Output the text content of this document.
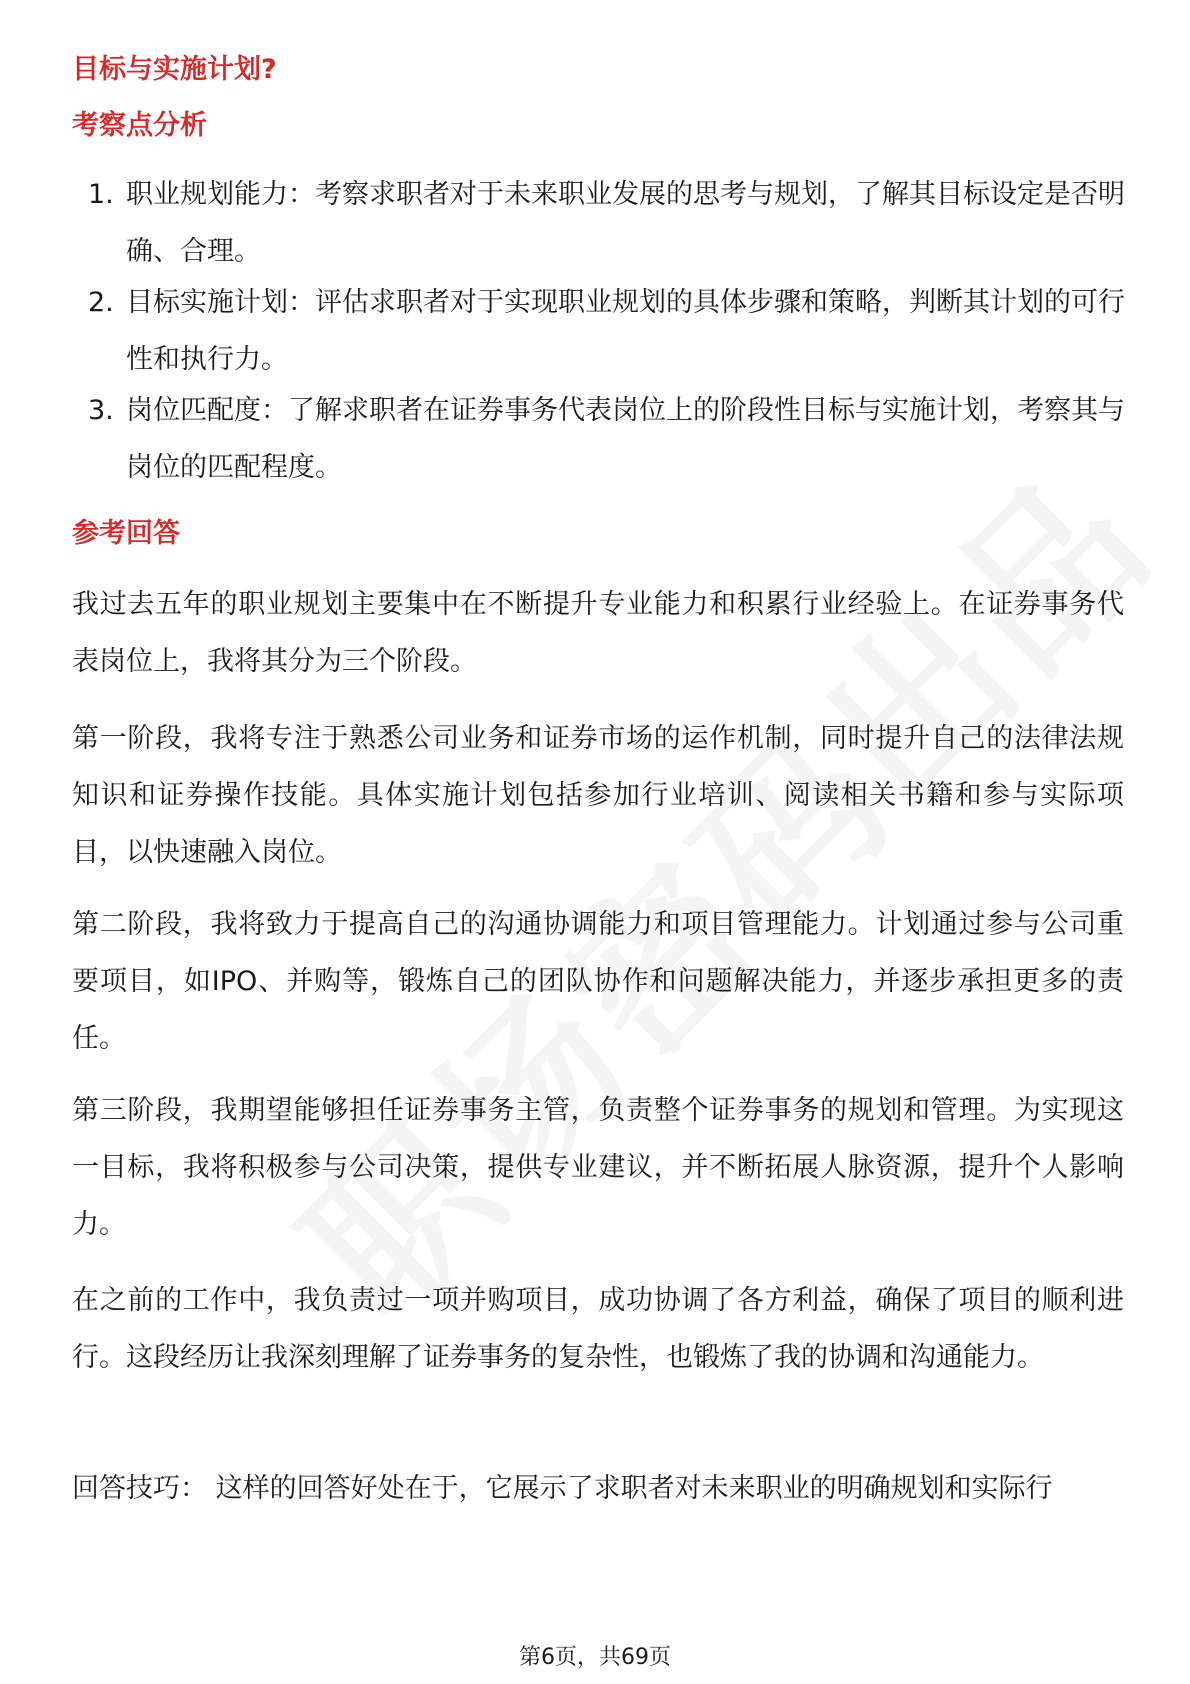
目标与实施计划?
考察点分析
1. 职业规划能力：考察求职者对于未来职业发展的思考与规划，了解其目标设定是否明确、合理。

2. 目标实施计划：评估求职者对于实现职业规划的具体步骤和策略，判断其计划的可行性和执行力。

3. 岗位匹配度：了解求职者在证券事务代表岗位上的阶段性目标与实施计划，考察其与岗位的匹配程度。

参考回答

我过去五年的职业规划主要集中在不断提升专业能力和积累行业经验上。在证券事务代表岗位上，我将其分为三个阶段。

第一阶段，我将专注于熟悉公司业务和证券市场的运作机制，同时提升自己的法律法规知识和证券操作技能。具体实施计划包括参加行业培训、阅读相关书籍和参与实际项目，以快速融入岗位。

第二阶段，我将致力于提高自己的沟通协调能力和项目管理能力。计划通过参与公司重要项目，如IPO、并购等，锻炼自己的团队协作和问题解决能力，并逐步承担更多的责任。

第三阶段，我期望能够担任证券事务主管，负责整个证券事务的规划和管理。为实现这一目标，我将积极参与公司决策，提供专业建议，并不断拓展人脉资源，提升个人影响力。

在之前的工作中，我负责过一项并购项目，成功协调了各方利益，确保了项目的顺利进行。这段经历让我深刻理解了证券事务的复杂性，也锻炼了我的协调和沟通能力。

回答技巧： 这样的回答好处在于，它展示了求职者对未来职业的明确规划和实际行

第6页，共69页
